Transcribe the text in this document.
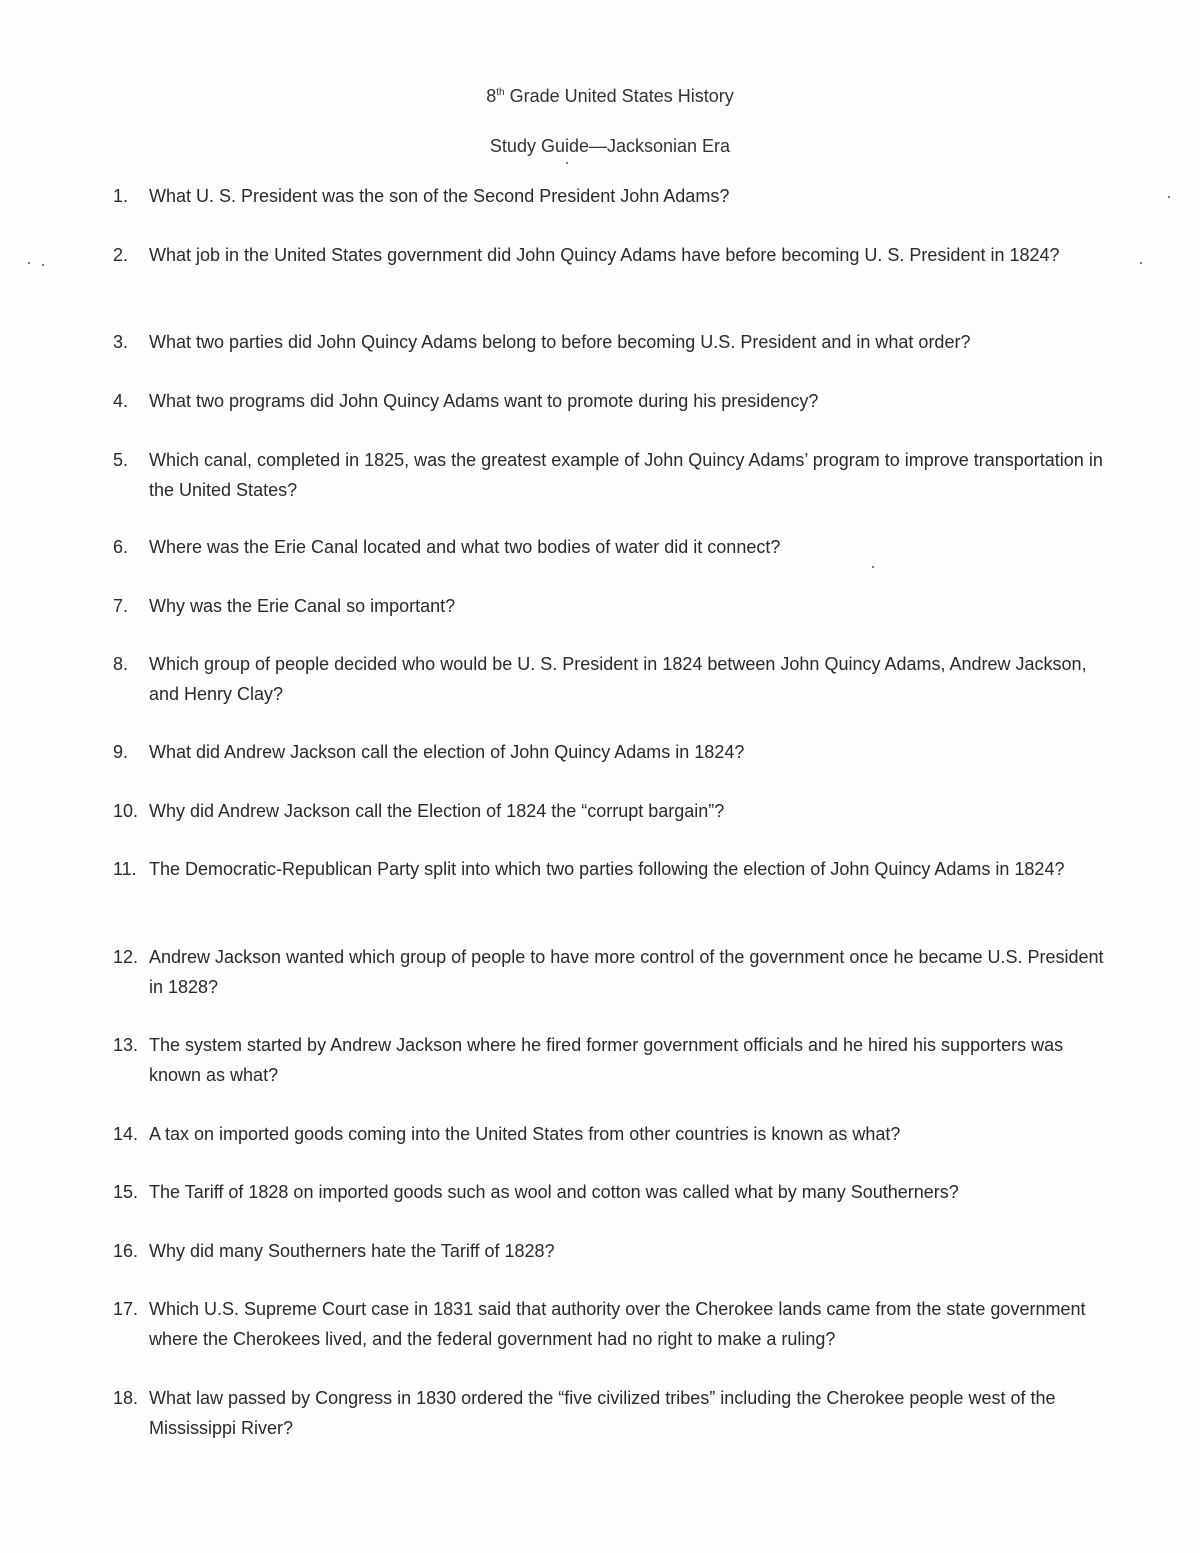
8th Grade United States History
Study Guide—Jacksonian Era
1.	What U. S. President was the son of the Second President John Adams?
2.	What job in the United States government did John Quincy Adams have before becoming U. S. President in 1824?
3.	What two parties did John Quincy Adams belong to before becoming U.S. President and in what order?
4.	What two programs did John Quincy Adams want to promote during his presidency?
5.	Which canal, completed in 1825, was the greatest example of John Quincy Adams’ program to improve transportation in the United States?
6.	Where was the Erie Canal located and what two bodies of water did it connect?
7.	Why was the Erie Canal so important?
8.	Which group of people decided who would be U. S. President in 1824 between John Quincy Adams, Andrew Jackson, and Henry Clay?
9.	What did Andrew Jackson call the election of John Quincy Adams in 1824?
10. Why did Andrew Jackson call the Election of 1824 the “corrupt bargain”?
11. The Democratic-Republican Party split into which two parties following the election of John Quincy Adams in 1824?
12. Andrew Jackson wanted which group of people to have more control of the government once he became U.S. President in 1828?
13. The system started by Andrew Jackson where he fired former government officials and he hired his supporters was known as what?
14. A tax on imported goods coming into the United States from other countries is known as what?
15. The Tariff of 1828 on imported goods such as wool and cotton was called what by many Southerners?
16. Why did many Southerners hate the Tariff of 1828?
17. Which U.S. Supreme Court case in 1831 said that authority over the Cherokee lands came from the state government where the Cherokees lived, and the federal government had no right to make a ruling?
18. What law passed by Congress in 1830 ordered the “five civilized tribes” including the Cherokee people west of the Mississippi River?
